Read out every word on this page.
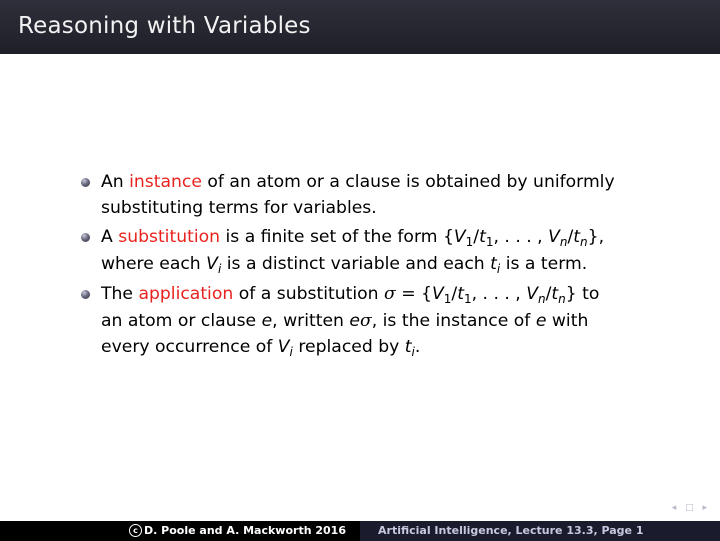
Reasoning with Variables
An instance of an atom or a clause is obtained by uniformly
substituting terms for variables.
A substitution is a finite set of the form {$V_1/t_1$, . . . , $V_n/t_n$},
where each $V_i$ is a distinct variable and each $t_i$ is a term.
The application of a substitution $\sigma = \{V_1/t_1$, . . . , $V_n/t_n$} to
an atom or clause e, written eσ, is the instance of e with
every occurrence of $V_i$ replaced by $t_i$.
◂ □ ▸
c D. Poole and A. Mackworth 2016	Artificial Intelligence, Lecture 13.3, Page 1
